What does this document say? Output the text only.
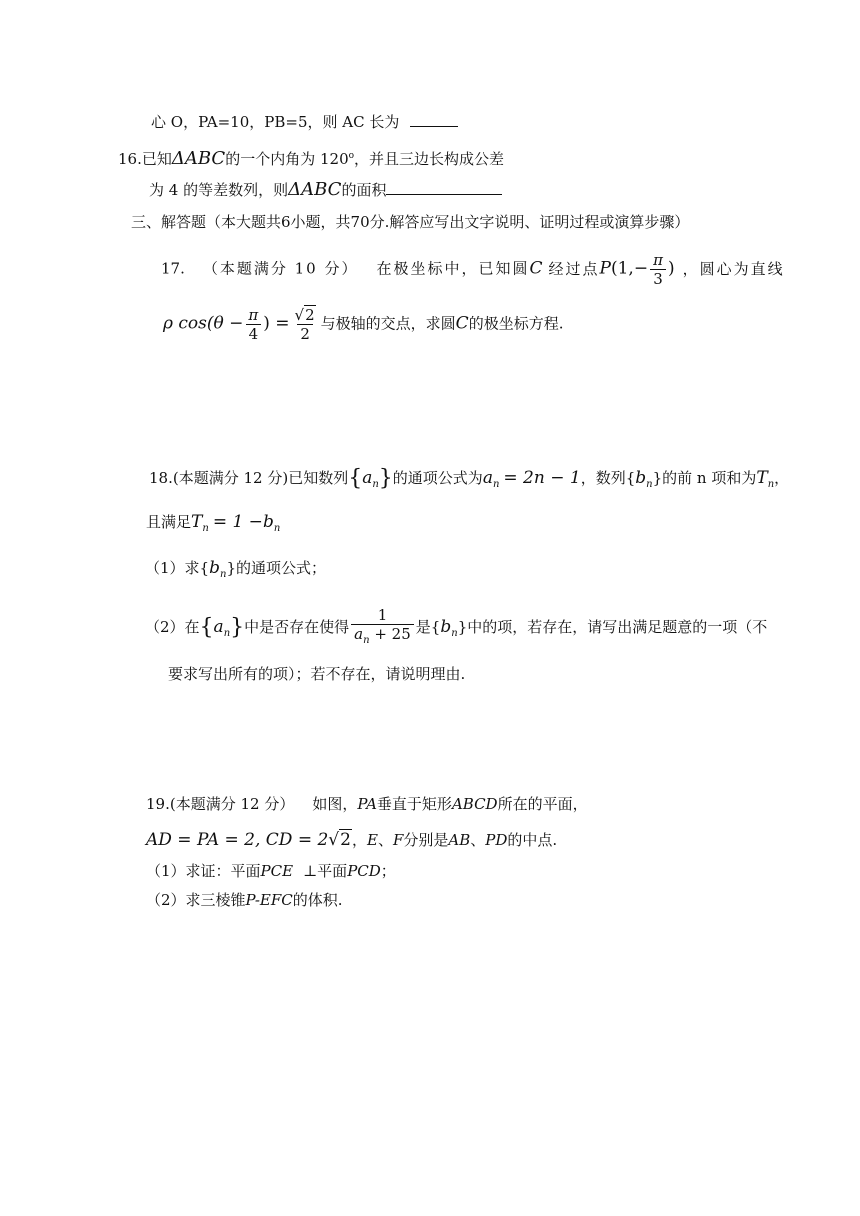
心 O，PA=10，PB=5，则 AC 长为
16.已知ΔABC的一个内角为 120$^o$，并且三边长构成公差
为 4 的等差数列，则ΔABC的面积
三、解答题（本大题共6小题，共70分.解答应写出文字说明、证明过程或演算步骤）
17. （本题满分 10 分） 在极坐标中，已知圆C 经过点$P(1,- \frac{\pi}{3}$ ) ，圆心为直线
ρ $\cos(\theta - \frac{\pi}{4}$ ) = $\frac{√2}{2}$ 与极轴的交点，求圆C的极坐标方程.
18.(本题满分 12 分)已知数列$\{a_n\}$的通项公式为$a_n = 2n - 1$，数列$\{b_n\}$的前 n 项和为$T_n$，
且满足$T_n = 1 -b_n$
（1）求$\{b_n\}$的通项公式；
（2）在$\{a_n\}$中是否存在使得 $\frac{1}{a_n + 25}$ 是$\{b_n\}$中的项，若存在，请写出满足题意的一项（不
要求写出所有的项）；若不存在，请说明理由.
19.(本题满分 12 分） 如图，PA垂直于矩形ABCD所在的平面，
AD = PA = 2, CD = 2√2，E、F分别是AB、PD的中点.
（1）求证：平面PCE ⊥平面PCD；
（2）求三棱锥P-EFC的体积.
